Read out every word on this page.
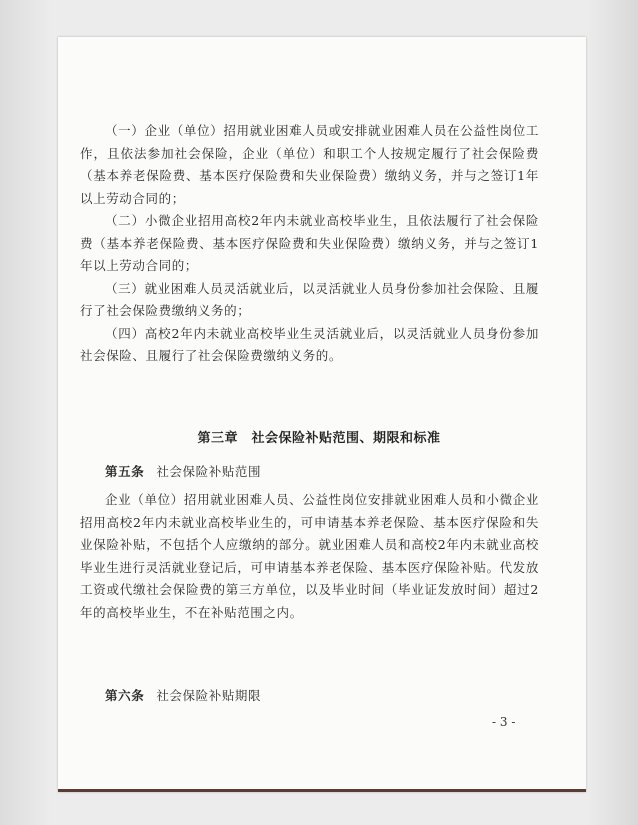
（一）企业（单位）招用就业困难人员或安排就业困难人员在公益性岗位工作，且依法参加社会保险，企业（单位）和职工个人按规定履行了社会保险费（基本养老保险费、基本医疗保险费和失业保险费）缴纳义务，并与之签订1年以上劳动合同的；

（二）小微企业招用高校2年内未就业高校毕业生，且依法履行了社会保险费（基本养老保险费、基本医疗保险费和失业保险费）缴纳义务，并与之签订1年以上劳动合同的；

（三）就业困难人员灵活就业后，以灵活就业人员身份参加社会保险、且履行了社会保险费缴纳义务的；

（四）高校2年内未就业高校毕业生灵活就业后，以灵活就业人员身份参加社会保险、且履行了社会保险费缴纳义务的。

第三章　社会保险补贴范围、期限和标准
第五条 社会保险补贴范围

企业（单位）招用就业困难人员、公益性岗位安排就业困难人员和小微企业招用高校2年内未就业高校毕业生的，可申请基本养老保险、基本医疗保险和失业保险补贴，不包括个人应缴纳的部分。就业困难人员和高校2年内未就业高校毕业生进行灵活就业登记后，可申请基本养老保险、基本医疗保险补贴。代发放工资或代缴社会保险费的第三方单位，以及毕业时间（毕业证发放时间）超过2年的高校毕业生，不在补贴范围之内。

第六条 社会保险补贴期限
- 3 -
